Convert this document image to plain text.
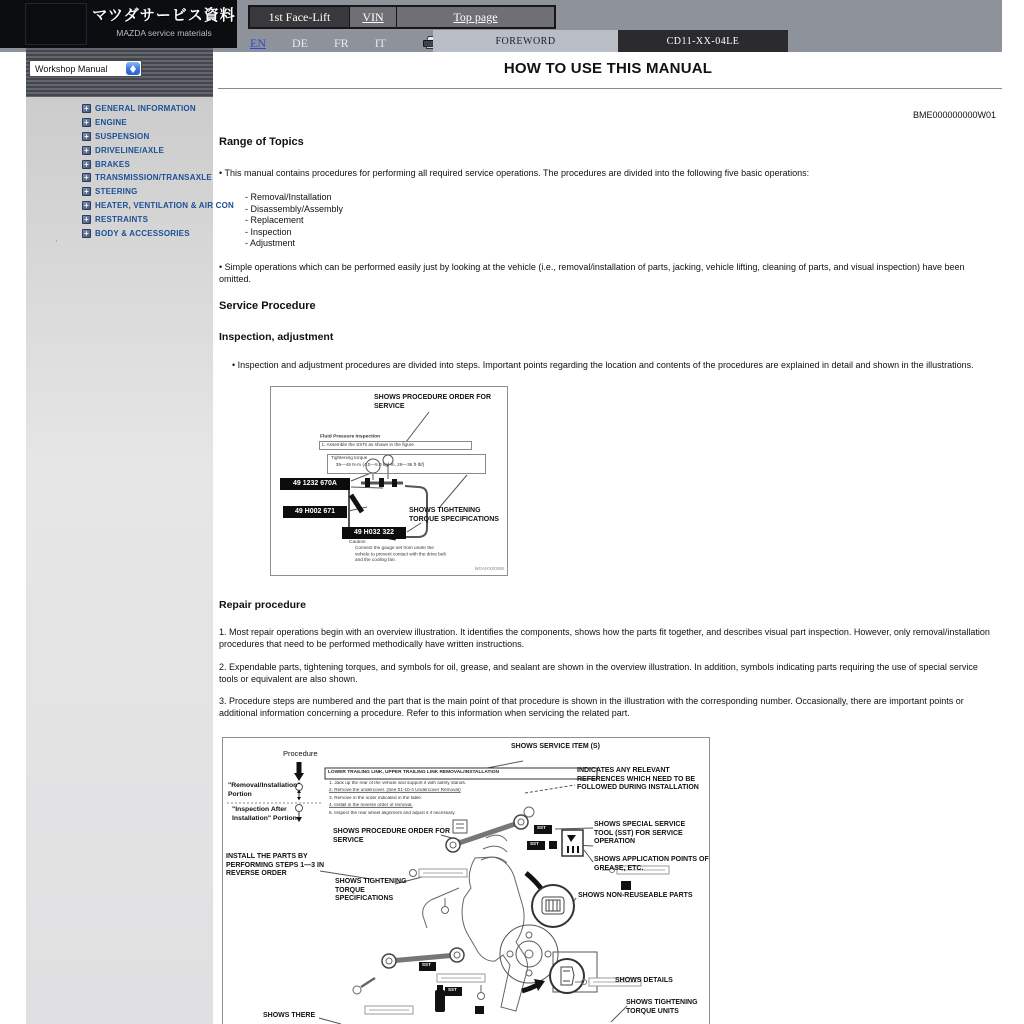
マツダサービス資料
MAZDA service materials
1st Face-Lift	VIN	Top page
EN DE FR IT	FOREWORD	CD11-XX-04LE
Workshop Manual
+
GENERAL INFORMATION
+
ENGINE
+
SUSPENSION
+
DRIVELINE/AXLE
+
BRAKES
+
TRANSMISSION/TRANSAXLE
+
STEERING
+
HEATER, VENTILATION & AIR CON
+
RESTRAINTS
+
BODY & ACCESSORIES
'
HOW TO USE THIS MANUAL
BME000000000W01
Range of Topics
• This manual contains procedures for performing all required service operations. The procedures are divided into the following five basic operations:
- Removal/Installation
- Disassembly/Assembly
- Replacement
- Inspection
- Adjustment
• Simple operations which can be performed easily just by looking at the vehicle (i.e., removal/installation of parts, jacking, vehicle lifting, cleaning of parts, and visual inspection) have been omitted.
Service Procedure
Inspection, adjustment
• Inspection and adjustment procedures are divided into steps. Important points regarding the location and contents of the procedures are explained in detail and shown in the illustrations.
SHOWS PROCEDURE ORDER FOR SERVICE
Fluid Pressure Inspection
1. Assemble the SSTs as shown in the figure.
Tightening torque
39—49 N·m {4.0—5.0 kgf·m, 29—36 ft·lbf}
49 1232 670A
49 H002 671
49 H032 322
SHOWS TIGHTENING TORQUE SPECIFICATIONS
Caution
Connect the gauge set from under the vehicle to prevent contact with the drive belt and the cooling fan.
WGAIXX0006E
Repair procedure
1. Most repair operations begin with an overview illustration. It identifies the components, shows how the parts fit together, and describes visual part inspection. However, only removal/installation procedures that need to be performed methodically have written instructions.
2. Expendable parts, tightening torques, and symbols for oil, grease, and sealant are shown in the overview illustration. In addition, symbols indicating parts requiring the use of special service tools or equivalent are also shown.
3. Procedure steps are numbered and the part that is the main point of that procedure is shown in the illustration with the corresponding number. Occasionally, there are important points or additional information concerning a procedure. Refer to this information when servicing the related part.
Procedure
LOWER TRAILING LINK, UPPER TRAILING LINK REMOVAL/INSTALLATION
1. Jack up the rear of the vehicle and support it with safety stands.
2. Remove the undercover. (See 01-10-4 Undercover Removal)
3. Remove in the order indicated in the table.
4. Install in the reverse order of removal.
5. Inspect the rear wheel alignment and adjust it if necessary.
"Removal/Installation" Portion
"Inspection After Installation" Portion
SHOWS SERVICE ITEM (S)
INDICATES ANY RELEVANT REFERENCES WHICH NEED TO BE FOLLOWED DURING INSTALLATION
SHOWS PROCEDURE ORDER FOR SERVICE
INSTALL THE PARTS BY PERFORMING STEPS 1—3 IN REVERSE ORDER
SHOWS SPECIAL SERVICE TOOL (SST) FOR SERVICE OPERATION
SHOWS APPLICATION POINTS OF GREASE, ETC.
SHOWS TIGHTENING TORQUE SPECIFICATIONS	SHOWS NON-REUSEABLE PARTS
SHOWS DETAILS
SHOWS TIGHTENING TORQUE UNITS
SHOWS THERE
SST
SST
SST
SST
